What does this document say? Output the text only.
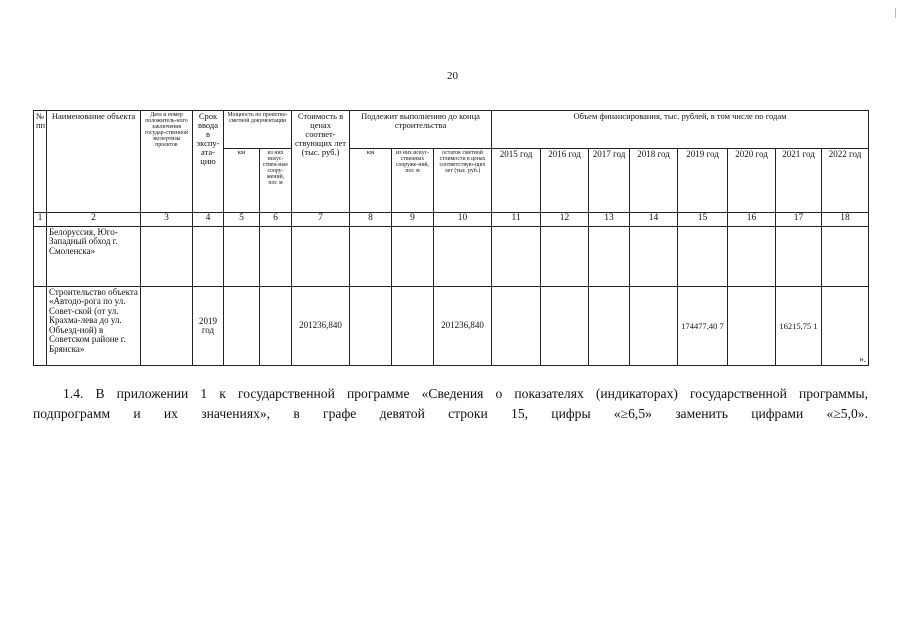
20
№ пп	Наименование объекта	Дата и номер положитель-ного заключения государ-ственной экспертизы проектов	Срок ввода в экспу-ата-цию	Мощность по проектно-сметной документации		Стоимость в ценах соответ-ствующих лет (тыс. руб.)	Подлежит выполнению до конца строительства			Объем финансирования, тыс. рублей, в том числе по годам							
				км	из них искус-ствен-ные соору-жений, пог. м		км	из них искус-ственных сооруже-ний, пог. м	остаток сметной стоимости в ценах соответствую-щих лет (тыс. руб.)	2015 год	2016 год	2017 год	2018 год	2019 год	2020 год	2021 год	2022 год
1	2	3	4	5	6	7	8	9	10	11	12	13	14	15	16	17	18
	Белоруссия, Юго-Западный обход г. Смоленска»																
	Строительство объекта «Автодо-рога по ул. Совет-ской (от ул. Крахма-лева до ул. Объезд-ной) в Советском районе г. Брянска»		2019 год			201236,840			201236,840					174477,40 7		16215,75 1	».

1.4. В приложении 1 к государственной программе «Сведения о показателях (индикаторах) государственной программы,
подпрограмм и их значениях», в графе девятой строки 15, цифры «≥6,5» заменить цифрами «≥5,0».
